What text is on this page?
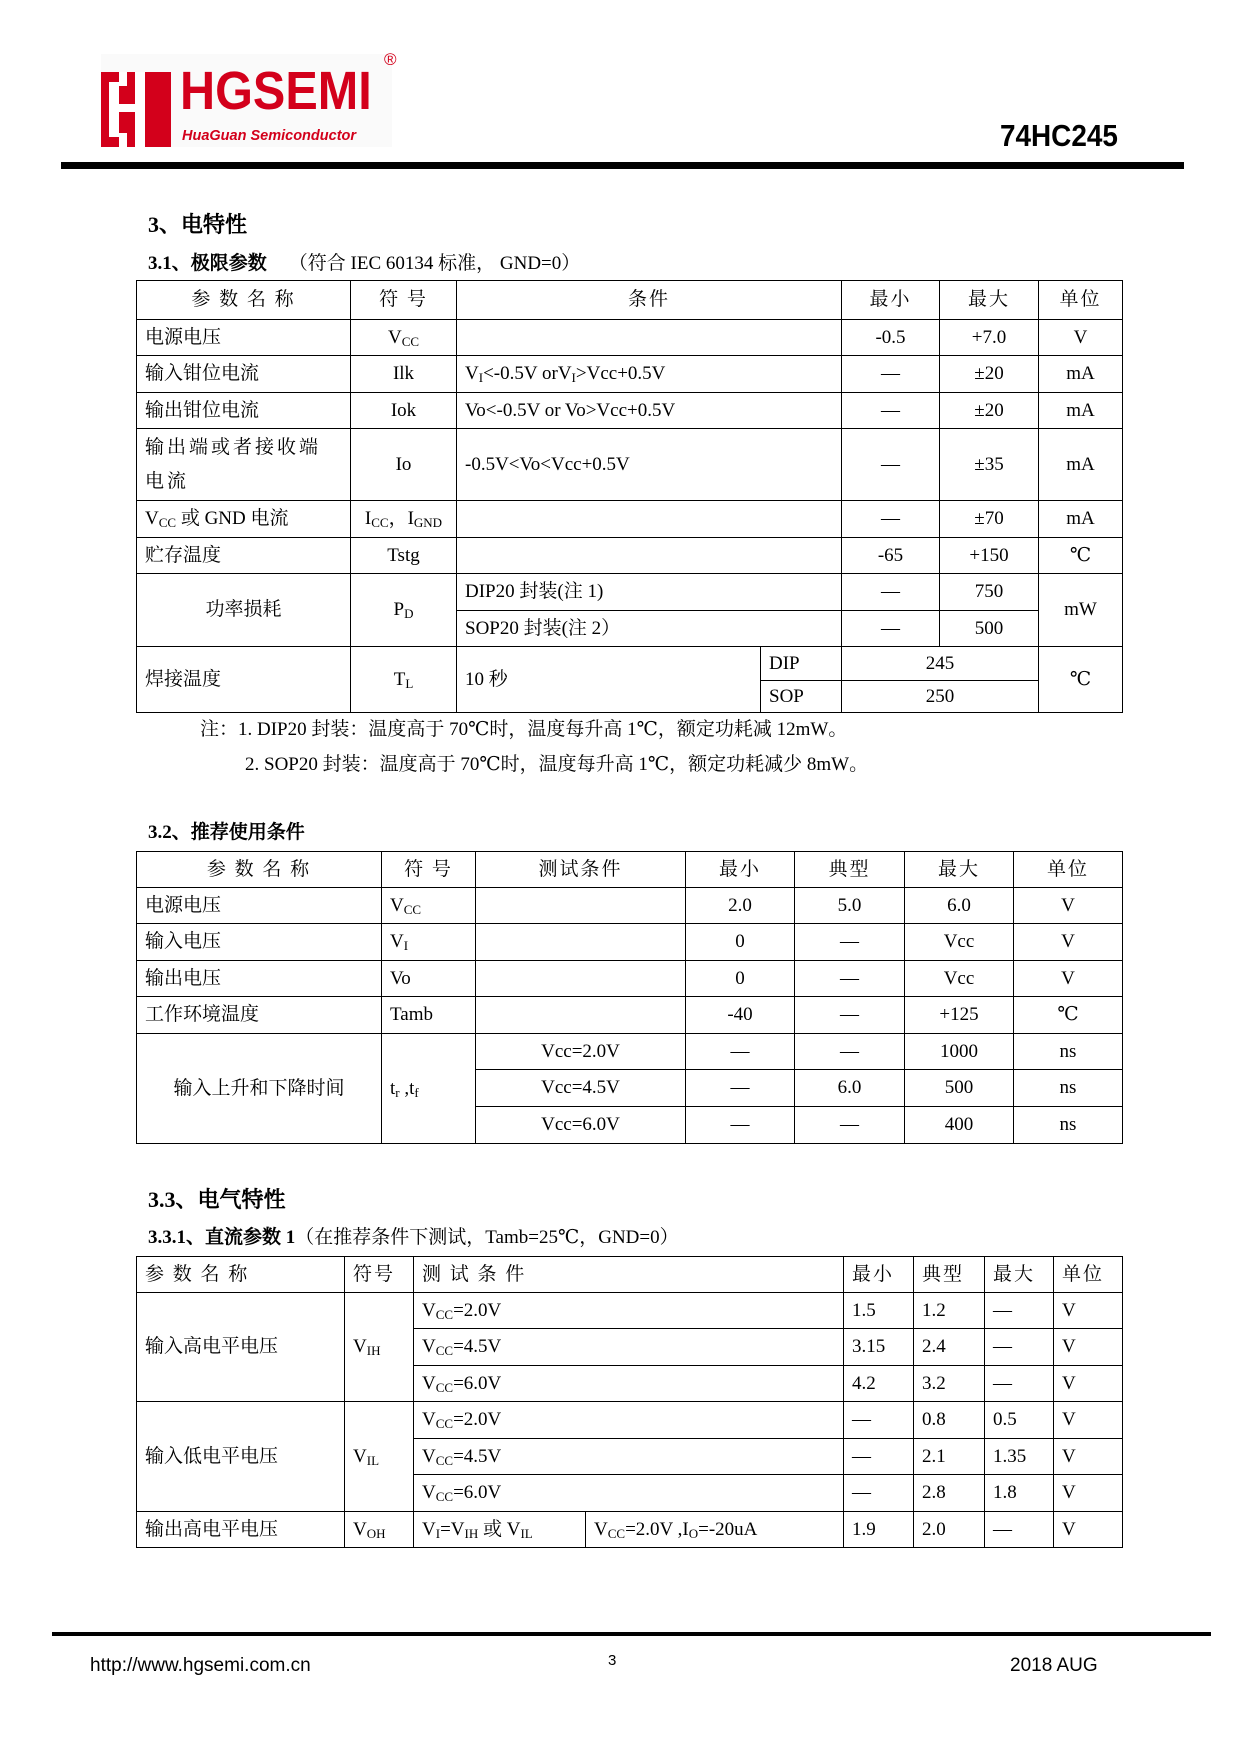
HGSEMI
HuaGuan Semiconductor
®
74HC245
3、电特性
3.1、极限参数 （符合 IEC 60134 标准， GND=0）
参 数 名 称	符 号	条件		最小	最大	单位
电源电压	$V_{CC}$			-0.5	+7.0	V
输入钳位电流	Ilk	$V_I<-0.5V$ orV$_I$>Vcc+0.5V		—	±20	mA
输出钳位电流	Iok	Vo<-0.5V or Vo>Vcc+0.5V		—	±20	mA
输出端或者接收端电流	Io	-0.5V<Vo<Vcc+0.5V		—	±35	mA
$V_{CC}$ 或 GND 电流	$I_{CC}$，$I_{GND}$			—	±70	mA
贮存温度	Tstg			-65	+150	℃
功率损耗	$P_D$	DIP20 封装(注 1)		—	750	mW
		SOP20 封装(注 2）		—	500	
焊接温度	$T_L$	10 秒	DIP	245		℃
			SOP	250		
注：1. DIP20 封装：温度高于 70℃时，温度每升高 1℃，额定功耗减 12mW。
2. SOP20 封装：温度高于 70℃时，温度每升高 1℃，额定功耗减少 8mW。
3.2、推荐使用条件
参 数 名 称	符 号	测试条件	最小	典型	最大	单位
电源电压	$V_{CC}$		2.0	5.0	6.0	V
输入电压	$V_I$		0	—	Vcc	V
输出电压	Vo		0	—	Vcc	V
工作环境温度	Tamb		-40	—	+125	℃
输入上升和下降时间	$t_r$ $,t_f$	Vcc=2.0V	—	—	1000	ns
		Vcc=4.5V	—	6.0	500	ns
		Vcc=6.0V	—	—	400	ns
3.3、电气特性
3.3.1、直流参数 1（在推荐条件下测试，Tamb=25℃，GND=0）
参 数 名 称	符号	测 试 条 件		最小	典型	最大	单位
输入高电平电压	$V_{IH}$	$V_{CC}=2.0V$		1.5	1.2	—	V
		$V_{CC}=4.5V$		3.15	2.4	—	V
		$V_{CC}=6.0V$		4.2	3.2	—	V
输入低电平电压	$V_{IL}$	$V_{CC}=2.0V$		—	0.8	0.5	V
		$V_{CC}=4.5V$		—	2.1	1.35	V
		$V_{CC}=6.0V$		—	2.8	1.8	V
输出高电平电压	$V_{OH}$	$V_I=V_{IH}$ 或 $V_{IL}$	$V_{CC}=2.0V$ $,I_O=-20uA$	1.9	2.0	—	V
http://www.hgsemi.com.cn	3	2018 AUG
